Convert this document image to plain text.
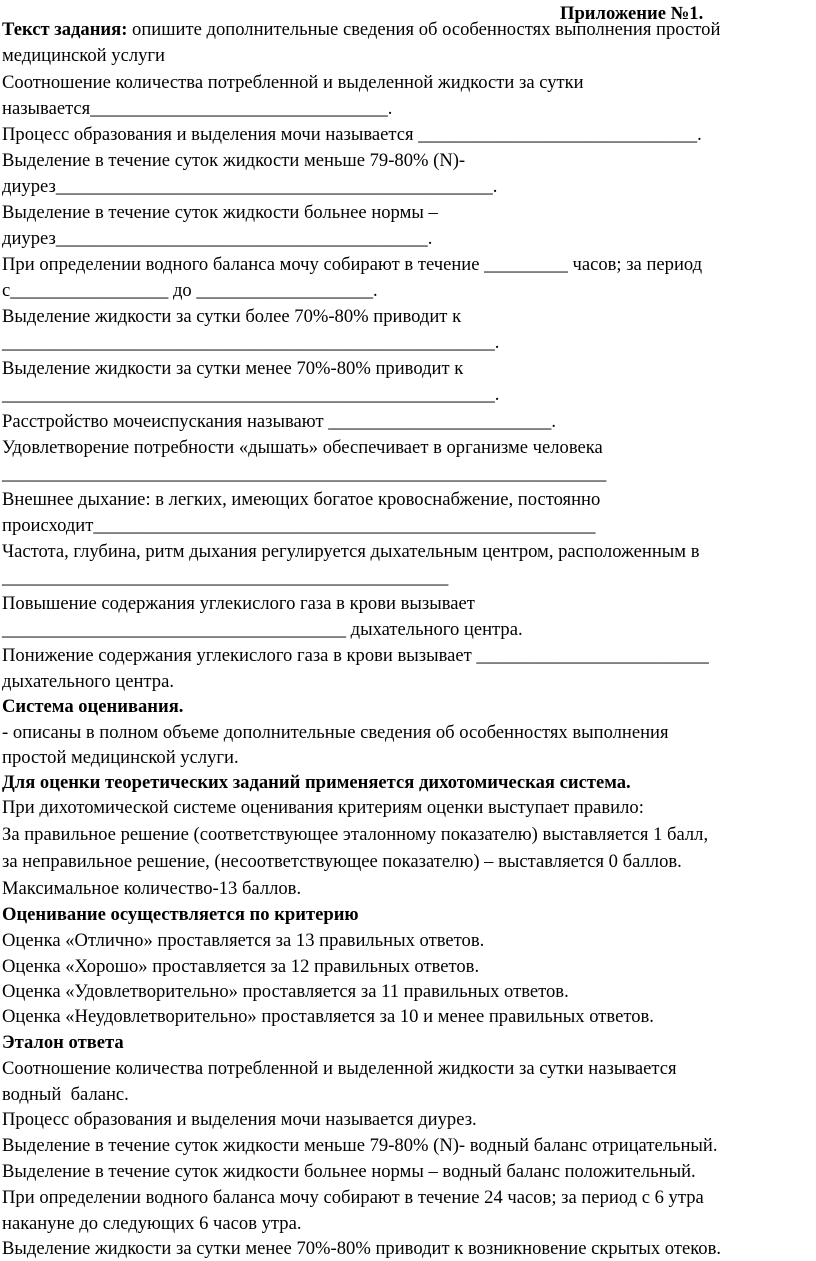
Приложение №1.
Текст задания: опишите дополнительные сведения об особенностях выполнения простой
медицинской услуги
Соотношение количества потребленной и выделенной жидкости за сутки
называется________________________________.
Процесс образования и выделения мочи называется ______________________________.
Выделение в течение суток жидкости меньше 79-80% (N)-
диурез_______________________________________________.
Выделение в течение суток жидкости больнее нормы –
диурез________________________________________.
При определении водного баланса мочу собирают в течение _________ часов; за период
с_________________ до ___________________.
Выделение жидкости за сутки более 70%-80% приводит к
_____________________________________________________.
Выделение жидкости за сутки менее 70%-80% приводит к
_____________________________________________________.
Расстройство мочеиспускания называют ________________________.
Удовлетворение потребности «дышать» обеспечивает в организме человека
_________________________________________________________________
Внешнее дыхание: в легких, имеющих богатое кровоснабжение, постоянно
происходит______________________________________________________
Частота, глубина, ритм дыхания регулируется дыхательным центром, расположенным в
________________________________________________
Повышение содержания углекислого газа в крови вызывает
_____________________________________ дыхательного центра.
Понижение содержания углекислого газа в крови вызывает _________________________
дыхательного центра.
Система оценивания.
- описаны в полном объеме дополнительные сведения об особенностях выполнения
простой медицинской услуги.
Для оценки теоретических заданий применяется дихотомическая система.
При дихотомической системе оценивания критериям оценки выступает правило:
За правильное решение (соответствующее эталонному показателю) выставляется 1 балл,
за неправильное решение, (несоответствующее показателю) – выставляется 0 баллов.
Максимальное количество-13 баллов.
Оценивание осуществляется по критерию
Оценка «Отлично» проставляется за 13 правильных ответов.
Оценка «Хорошо» проставляется за 12 правильных ответов.
Оценка «Удовлетворительно» проставляется за 11 правильных ответов.
Оценка «Неудовлетворительно» проставляется за 10 и менее правильных ответов.
Эталон ответа
Соотношение количества потребленной и выделенной жидкости за сутки называется
водный  баланс.
Процесс образования и выделения мочи называется диурез.
Выделение в течение суток жидкости меньше 79-80% (N)- водный баланс отрицательный.
Выделение в течение суток жидкости больнее нормы – водный баланс положительный.
При определении водного баланса мочу собирают в течение 24 часов; за период с 6 утра
накануне до следующих 6 часов утра.
Выделение жидкости за сутки менее 70%-80% приводит к возникновение скрытых отеков.
